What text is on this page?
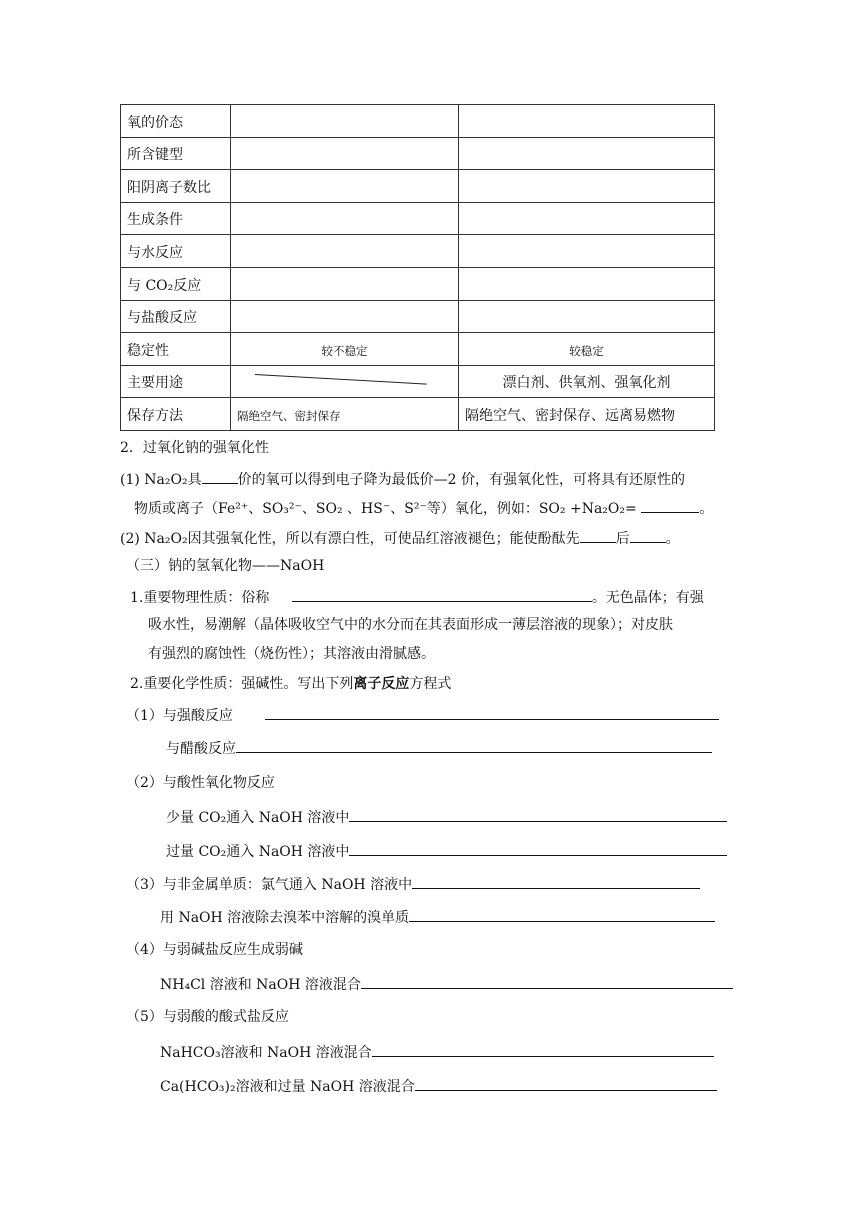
氧的价态		
所含键型		
阳阴离子数比		
生成条件		
与水反应		
与 CO₂反应		
与盐酸反应		
稳定性	较不稳定	较稳定
主要用途		漂白剂、供氧剂、强氧化剂
保存方法	隔绝空气、密封保存	隔绝空气、密封保存、远离易燃物
2．过氧化钠的强氧化性
(1) Na₂O₂具	价的氧可以得到电子降为最低价—2 价，有强氧化性，可将具有还原性的
物质或离子（Fe²⁺、SO₃²⁻、SO₂ 、HS⁻、S²⁻等）氧化，例如：SO₂ +Na₂O₂=	。
(2) Na₂O₂因其强氧化性，所以有漂白性，可使品红溶液褪色；能使酚酞先	后	。
（三）钠的氢氧化物——NaOH
1.重要物理性质：俗称	。无色晶体；有强
吸水性，易潮解（晶体吸收空气中的水分而在其表面形成一薄层溶液的现象）；对皮肤
有强烈的腐蚀性（烧伤性）；其溶液由滑腻感。
2.重要化学性质：强碱性。写出下列离子反应方程式
（1）与强酸反应
与醋酸反应
（2）与酸性氧化物反应
少量 CO₂通入 NaOH 溶液中
过量 CO₂通入 NaOH 溶液中
（3）与非金属单质：氯气通入 NaOH 溶液中
用 NaOH 溶液除去溴苯中溶解的溴单质
（4）与弱碱盐反应生成弱碱
NH₄Cl 溶液和 NaOH 溶液混合
（5）与弱酸的酸式盐反应
NaHCO₃溶液和 NaOH 溶液混合
Ca(HCO₃)₂溶液和过量 NaOH 溶液混合
